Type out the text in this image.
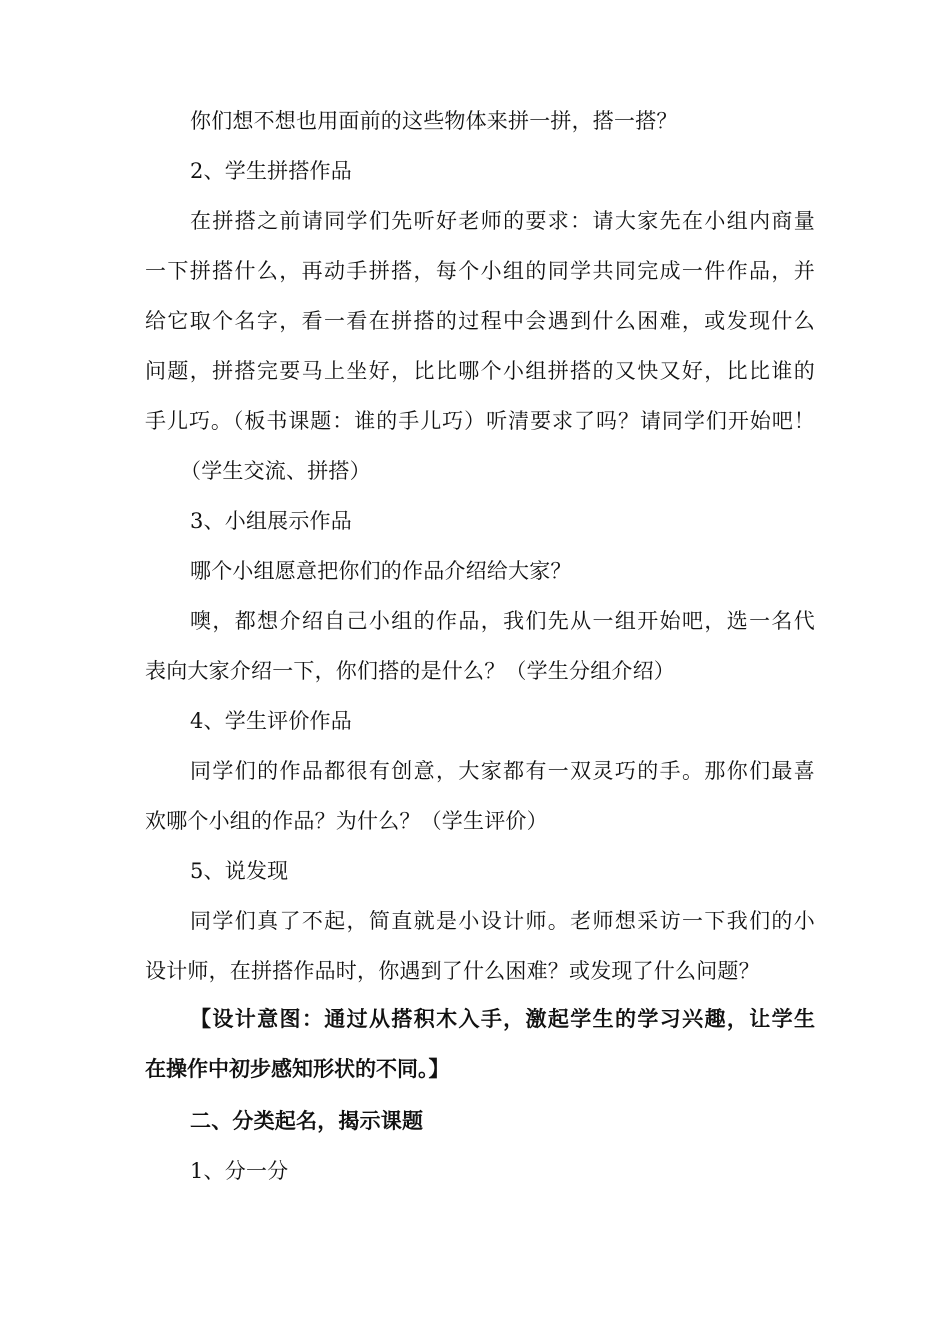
你们想不想也用面前的这些物体来拼一拼，搭一搭？
2、学生拼搭作品
在拼搭之前请同学们先听好老师的要求：请大家先在小组内商量
一下拼搭什么，再动手拼搭，每个小组的同学共同完成一件作品，并
给它取个名字，看一看在拼搭的过程中会遇到什么困难，或发现什么
问题，拼搭完要马上坐好，比比哪个小组拼搭的又快又好，比比谁的
手儿巧。（板书课题：谁的手儿巧）听清要求了吗？请同学们开始吧！
（学生交流、拼搭）
3、小组展示作品
哪个小组愿意把你们的作品介绍给大家？
噢，都想介绍自己小组的作品，我们先从一组开始吧，选一名代
表向大家介绍一下，你们搭的是什么？（学生分组介绍）
4、学生评价作品
同学们的作品都很有创意，大家都有一双灵巧的手。那你们最喜
欢哪个小组的作品？为什么？（学生评价）
5、说发现
同学们真了不起，简直就是小设计师。老师想采访一下我们的小
设计师，在拼搭作品时，你遇到了什么困难？或发现了什么问题？
【设计意图：通过从搭积木入手，激起学生的学习兴趣，让学生
在操作中初步感知形状的不同。】
二、分类起名，揭示课题
1、分一分
